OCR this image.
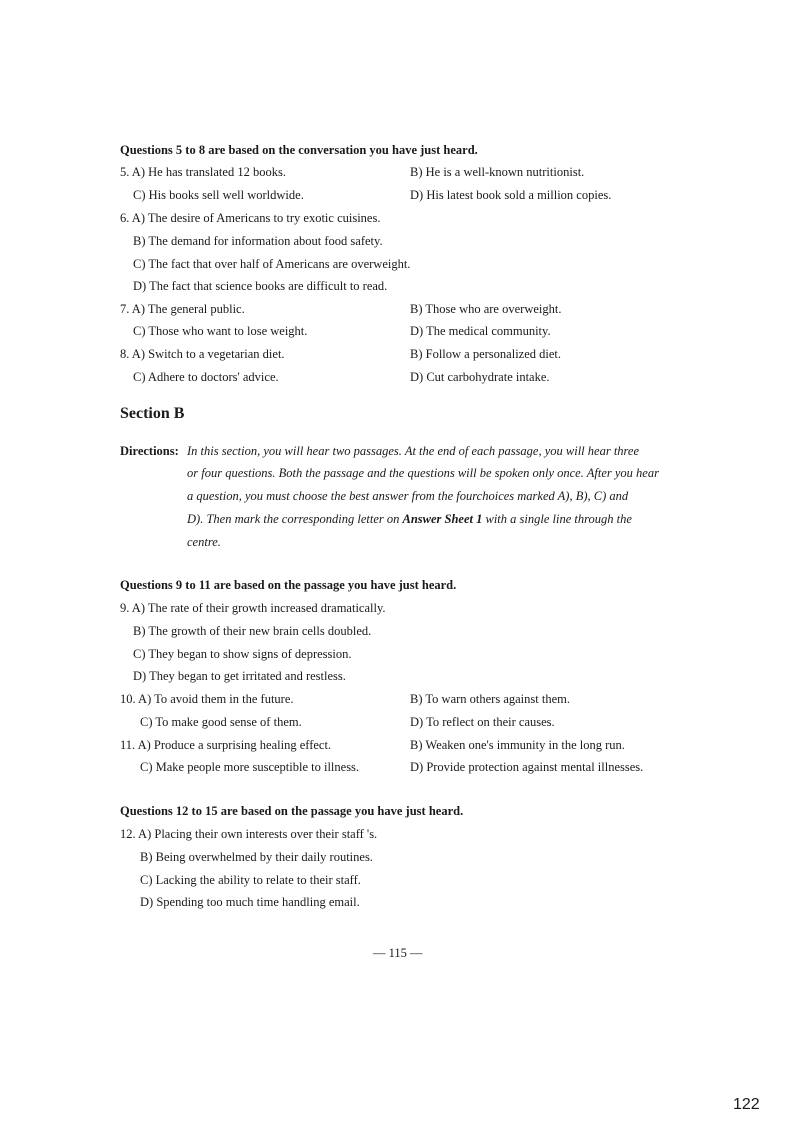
Questions 5 to 8 are based on the conversation you have just heard.
5. A) He has translated 12 books.	B) He is a well-known nutritionist.
C) His books sell well worldwide.	D) His latest book sold a million copies.
6. A) The desire of Americans to try exotic cuisines.
B) The demand for information about food safety.
C) The fact that over half of Americans are overweight.
D) The fact that science books are difficult to read.
7. A) The general public.	B) Those who are overweight.
C) Those who want to lose weight.	D) The medical community.
8. A) Switch to a vegetarian diet.	B) Follow a personalized diet.
C) Adhere to doctors' advice.	D) Cut carbohydrate intake.
Section B
Directions: In this section, you will hear two passages. At the end of each passage, you will hear three
or four questions. Both the passage and the questions will be spoken only once. After you hear
a question, you must choose the best answer from the fourchoices marked A), B), C) and
D). Then mark the corresponding letter on Answer Sheet 1 with a single line through the
centre.
Questions 9 to 11 are based on the passage you have just heard.
9. A) The rate of their growth increased dramatically.
B) The growth of their new brain cells doubled.
C) They began to show signs of depression.
D) They began to get irritated and restless.
10. A) To avoid them in the future.	B) To warn others against them.
C) To make good sense of them.	D) To reflect on their causes.
11. A) Produce a surprising healing effect.	B) Weaken one's immunity in the long run.
C) Make people more susceptible to illness.	D) Provide protection against mental illnesses.
Questions 12 to 15 are based on the passage you have just heard.
12. A) Placing their own interests over their staff 's.
B) Being overwhelmed by their daily routines.
C) Lacking the ability to relate to their staff.
D) Spending too much time handling email.
— 115 —
122
